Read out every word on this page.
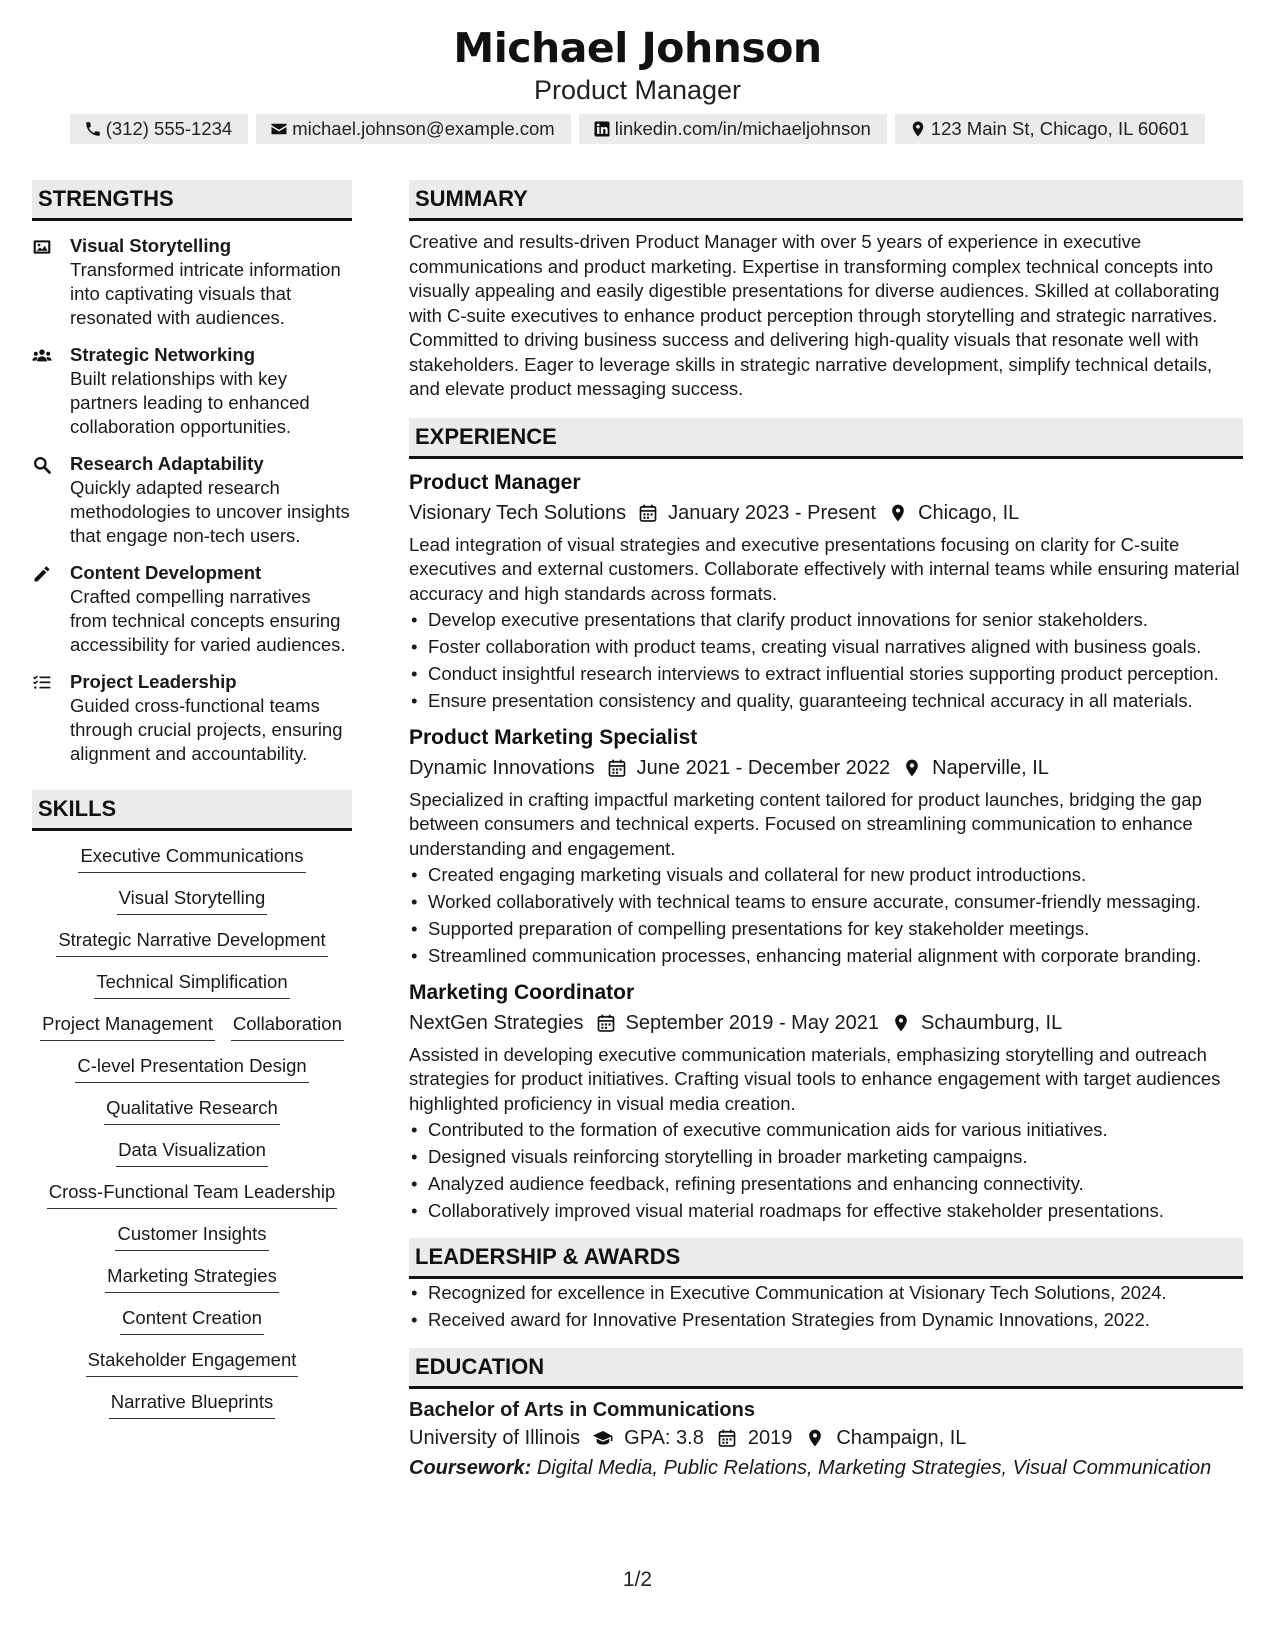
Michael Johnson
Product Manager
(312) 555-1234	michael.johnson@example.com	linkedin.com/in/michaeljohnson	123 Main St, Chicago, IL 60601
STRENGTHS
Visual Storytelling
Transformed intricate information into captivating visuals that resonated with audiences.
Strategic Networking
Built relationships with key partners leading to enhanced collaboration opportunities.
Research Adaptability
Quickly adapted research methodologies to uncover insights that engage non-tech users.
Content Development
Crafted compelling narratives from technical concepts ensuring accessibility for varied audiences.
Project Leadership
Guided cross-functional teams through crucial projects, ensuring alignment and accountability.
SKILLS
Executive Communications
Visual Storytelling
Strategic Narrative Development
Technical Simplification
Project Management Collaboration
C-level Presentation Design
Qualitative Research
Data Visualization
Cross-Functional Team Leadership
Customer Insights
Marketing Strategies
Content Creation
Stakeholder Engagement
Narrative Blueprints
SUMMARY
Creative and results-driven Product Manager with over 5 years of experience in executive communications and product marketing. Expertise in transforming complex technical concepts into visually appealing and easily digestible presentations for diverse audiences. Skilled at collaborating with C-suite executives to enhance product perception through storytelling and strategic narratives. Committed to driving business success and delivering high-quality visuals that resonate well with stakeholders. Eager to leverage skills in strategic narrative development, simplify technical details, and elevate product messaging success.
EXPERIENCE
Product Manager
Visionary Tech Solutions January 2023 - Present Chicago, IL
Lead integration of visual strategies and executive presentations focusing on clarity for C-suite executives and external customers. Collaborate effectively with internal teams while ensuring material accuracy and high standards across formats.
• Develop executive presentations that clarify product innovations for senior stakeholders.
• Foster collaboration with product teams, creating visual narratives aligned with business goals.
• Conduct insightful research interviews to extract influential stories supporting product perception.
• Ensure presentation consistency and quality, guaranteeing technical accuracy in all materials.
Product Marketing Specialist
Dynamic Innovations June 2021 - December 2022 Naperville, IL
Specialized in crafting impactful marketing content tailored for product launches, bridging the gap between consumers and technical experts. Focused on streamlining communication to enhance understanding and engagement.
• Created engaging marketing visuals and collateral for new product introductions.
• Worked collaboratively with technical teams to ensure accurate, consumer-friendly messaging.
• Supported preparation of compelling presentations for key stakeholder meetings.
• Streamlined communication processes, enhancing material alignment with corporate branding.
Marketing Coordinator
NextGen Strategies September 2019 - May 2021 Schaumburg, IL
Assisted in developing executive communication materials, emphasizing storytelling and outreach strategies for product initiatives. Crafting visual tools to enhance engagement with target audiences highlighted proficiency in visual media creation.
• Contributed to the formation of executive communication aids for various initiatives.
• Designed visuals reinforcing storytelling in broader marketing campaigns.
• Analyzed audience feedback, refining presentations and enhancing connectivity.
• Collaboratively improved visual material roadmaps for effective stakeholder presentations.
LEADERSHIP & AWARDS
• Recognized for excellence in Executive Communication at Visionary Tech Solutions, 2024.
• Received award for Innovative Presentation Strategies from Dynamic Innovations, 2022.
EDUCATION
Bachelor of Arts in Communications
University of Illinois GPA: 3.8 2019 Champaign, IL
Coursework: Digital Media, Public Relations, Marketing Strategies, Visual Communication
1/2
